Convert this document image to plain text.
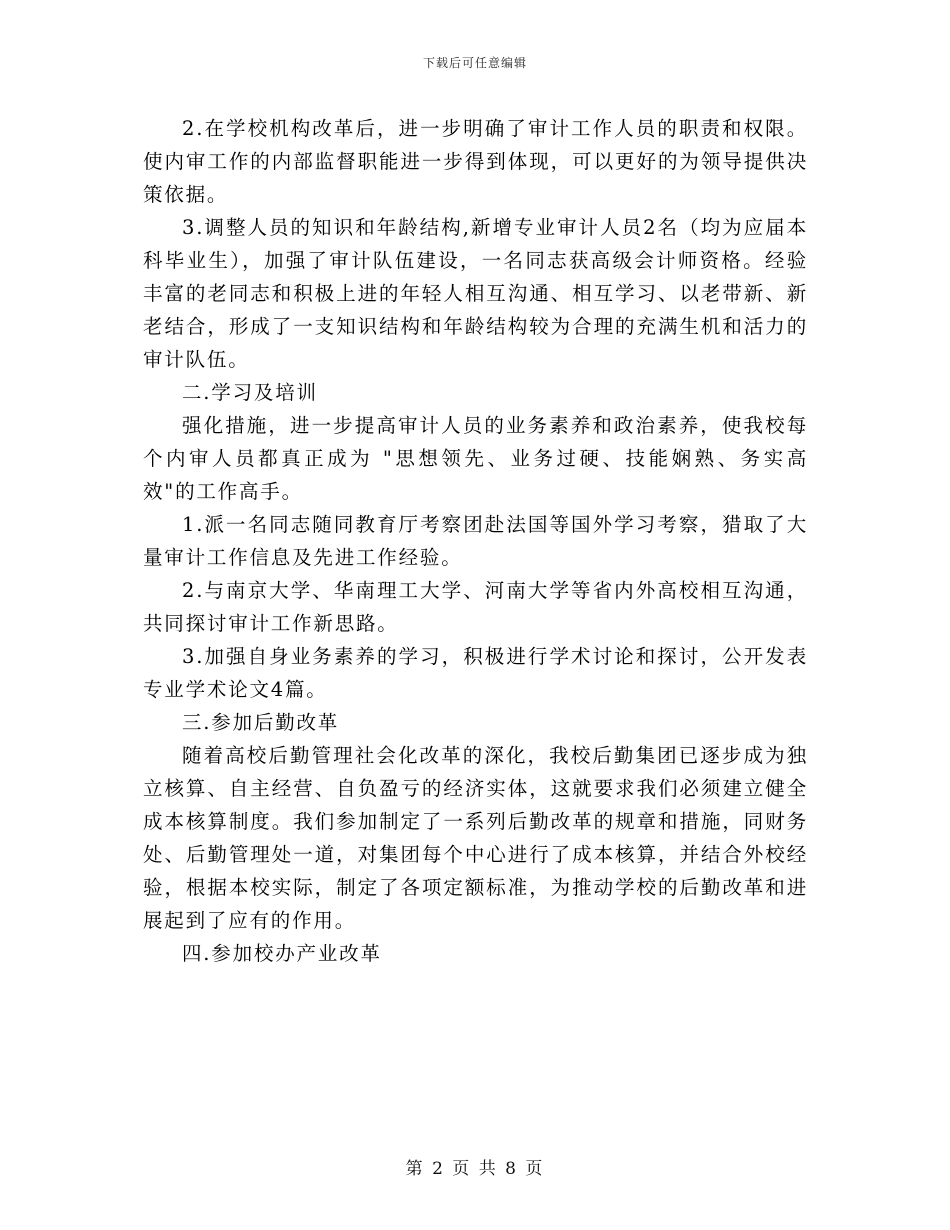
下载后可任意编辑

2.在学校机构改革后，进一步明确了审计工作人员的职责和权限。使内审工作的内部监督职能进一步得到体现，可以更好的为领导提供决策依据。

3.调整人员的知识和年龄结构,新增专业审计人员2名（均为应届本科毕业生），加强了审计队伍建设，一名同志获高级会计师资格。经验丰富的老同志和积极上进的年轻人相互沟通、相互学习、以老带新、新老结合，形成了一支知识结构和年龄结构较为合理的充满生机和活力的审计队伍。

二.学习及培训

强化措施，进一步提高审计人员的业务素养和政治素养，使我校每个内审人员都真正成为 "思想领先、业务过硬、技能娴熟、务实高效"的工作高手。

1.派一名同志随同教育厅考察团赴法国等国外学习考察，猎取了大量审计工作信息及先进工作经验。

2.与南京大学、华南理工大学、河南大学等省内外高校相互沟通，共同探讨审计工作新思路。

3.加强自身业务素养的学习，积极进行学术讨论和探讨，公开发表专业学术论文4篇。

三.参加后勤改革

随着高校后勤管理社会化改革的深化，我校后勤集团已逐步成为独立核算、自主经营、自负盈亏的经济实体，这就要求我们必须建立健全成本核算制度。我们参加制定了一系列后勤改革的规章和措施，同财务处、后勤管理处一道，对集团每个中心进行了成本核算，并结合外校经验，根据本校实际，制定了各项定额标准，为推动学校的后勤改革和进展起到了应有的作用。

四.参加校办产业改革

第 2 页 共 8 页
